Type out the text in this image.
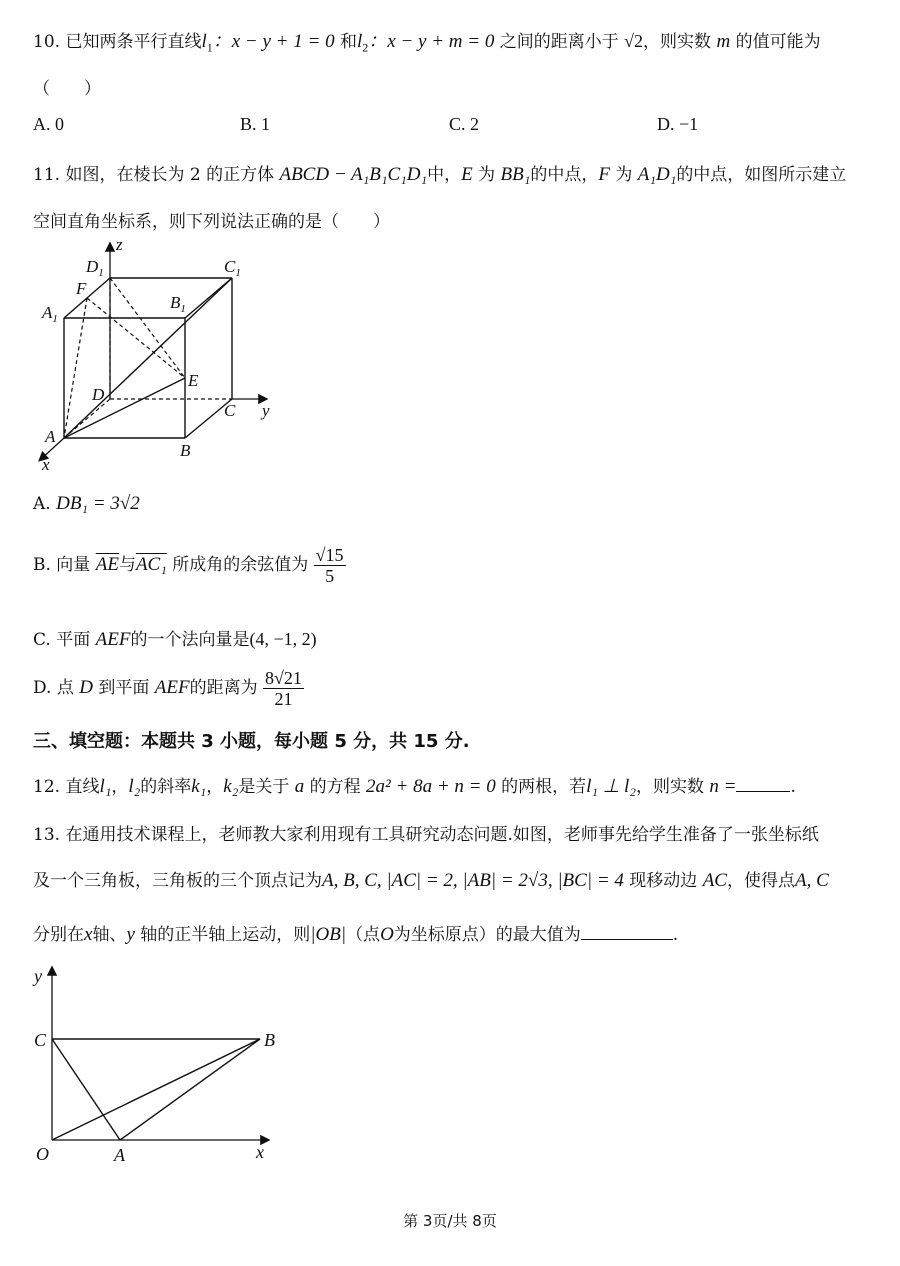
10. 已知两条平行直线$l_1$：x − y + 1 = 0 和$l_2$：x − y + m = 0 之间的距离小于 √2，则实数 m 的值可能为
（　　）
A. 0	B. 1	C. 2	D. −1
11. 如图，在棱长为 2 的正方体 ABCD − A₁B₁C₁D₁中，E 为 BB₁的中点，F 为 A₁D₁的中点，如图所示建立
空间直角坐标系，则下列说法正确的是（　　）
z
y
x
A
B
C
D
$A_1$
$B_1$
$C_1$
$D_1$
E
F
A. DB₁ = 3√2
B. 向量 $\overline{AE}$与AC₁ 所成角的余弦值为 $\frac{√15}{5}$
C. 平面 AEF的一个法向量是(4, −1, 2)
D. 点 D 到平面 AEF的距离为 $\frac{8√21}{21}$
三、填空题：本题共 3 小题，每小题 5 分，共 15 分.
12. 直线l₁，l₂的斜率k₁，k₂是关于 a 的方程 2a² + 8a + n = 0 的两根，若l₁ ⊥ l₂，则实数 n =	.
13. 在通用技术课程上，老师教大家利用现有工具研究动态问题.如图，老师事先给学生准备了一张坐标纸
及一个三角板，三角板的三个顶点记为A, B, C, |AC| = 2, |AB| = 2√3, |BC| = 4 现移动边 AC，使得点A, C
分别在x轴、y 轴的正半轴上运动，则|OB|（点O为坐标原点）的最大值为	.
y
x
C	B
O	A
第 3页/共 8页
